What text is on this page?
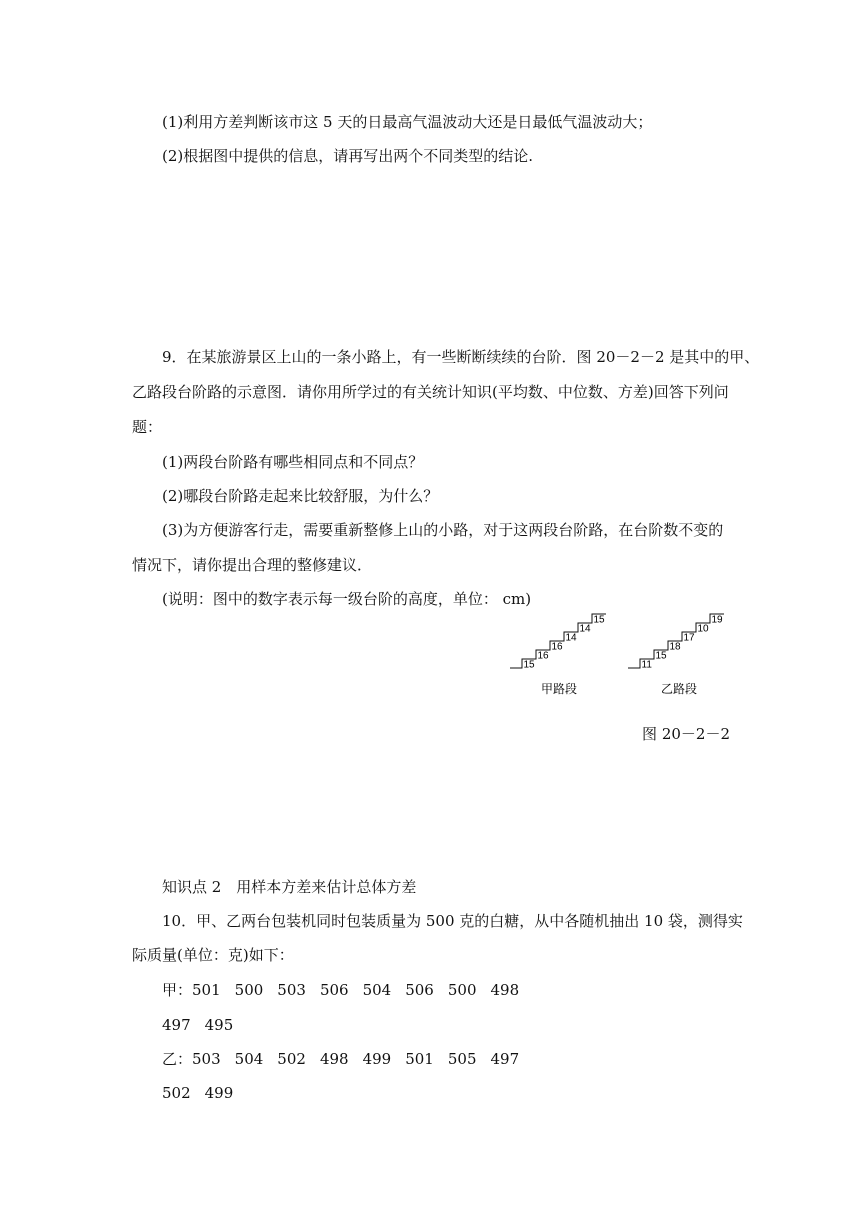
(1)利用方差判断该市这 5 天的日最高气温波动大还是日最低气温波动大；

(2)根据图中提供的信息，请再写出两个不同类型的结论.

9．在某旅游景区上山的一条小路上，有一些断断续续的台阶．图 20－2－2 是其中的甲、

乙路段台阶路的示意图．请你用所学过的有关统计知识(平均数、中位数、方差)回答下列问

题：

(1)两段台阶路有哪些相同点和不同点？

(2)哪段台阶路走起来比较舒服，为什么？

(3)为方便游客行走，需要重新整修上山的小路，对于这两段台阶路，在台阶数不变的

情况下，请你提出合理的整修建议．

(说明：图中的数字表示每一级台阶的高度，单位： cm)

15
16
16
14
14
15
11
15
18
17
10
19
甲路段	乙路段

图 20－2－2

知识点 2　用样本方差来估计总体方差

10．甲、乙两台包装机同时包装质量为 500 克的白糖，从中各随机抽出 10 袋，测得实

际质量(单位：克)如下：

甲：501 500 503 506 504 506 500 498

497 495

乙：503 504 502 498 499 501 505 497

502 499
